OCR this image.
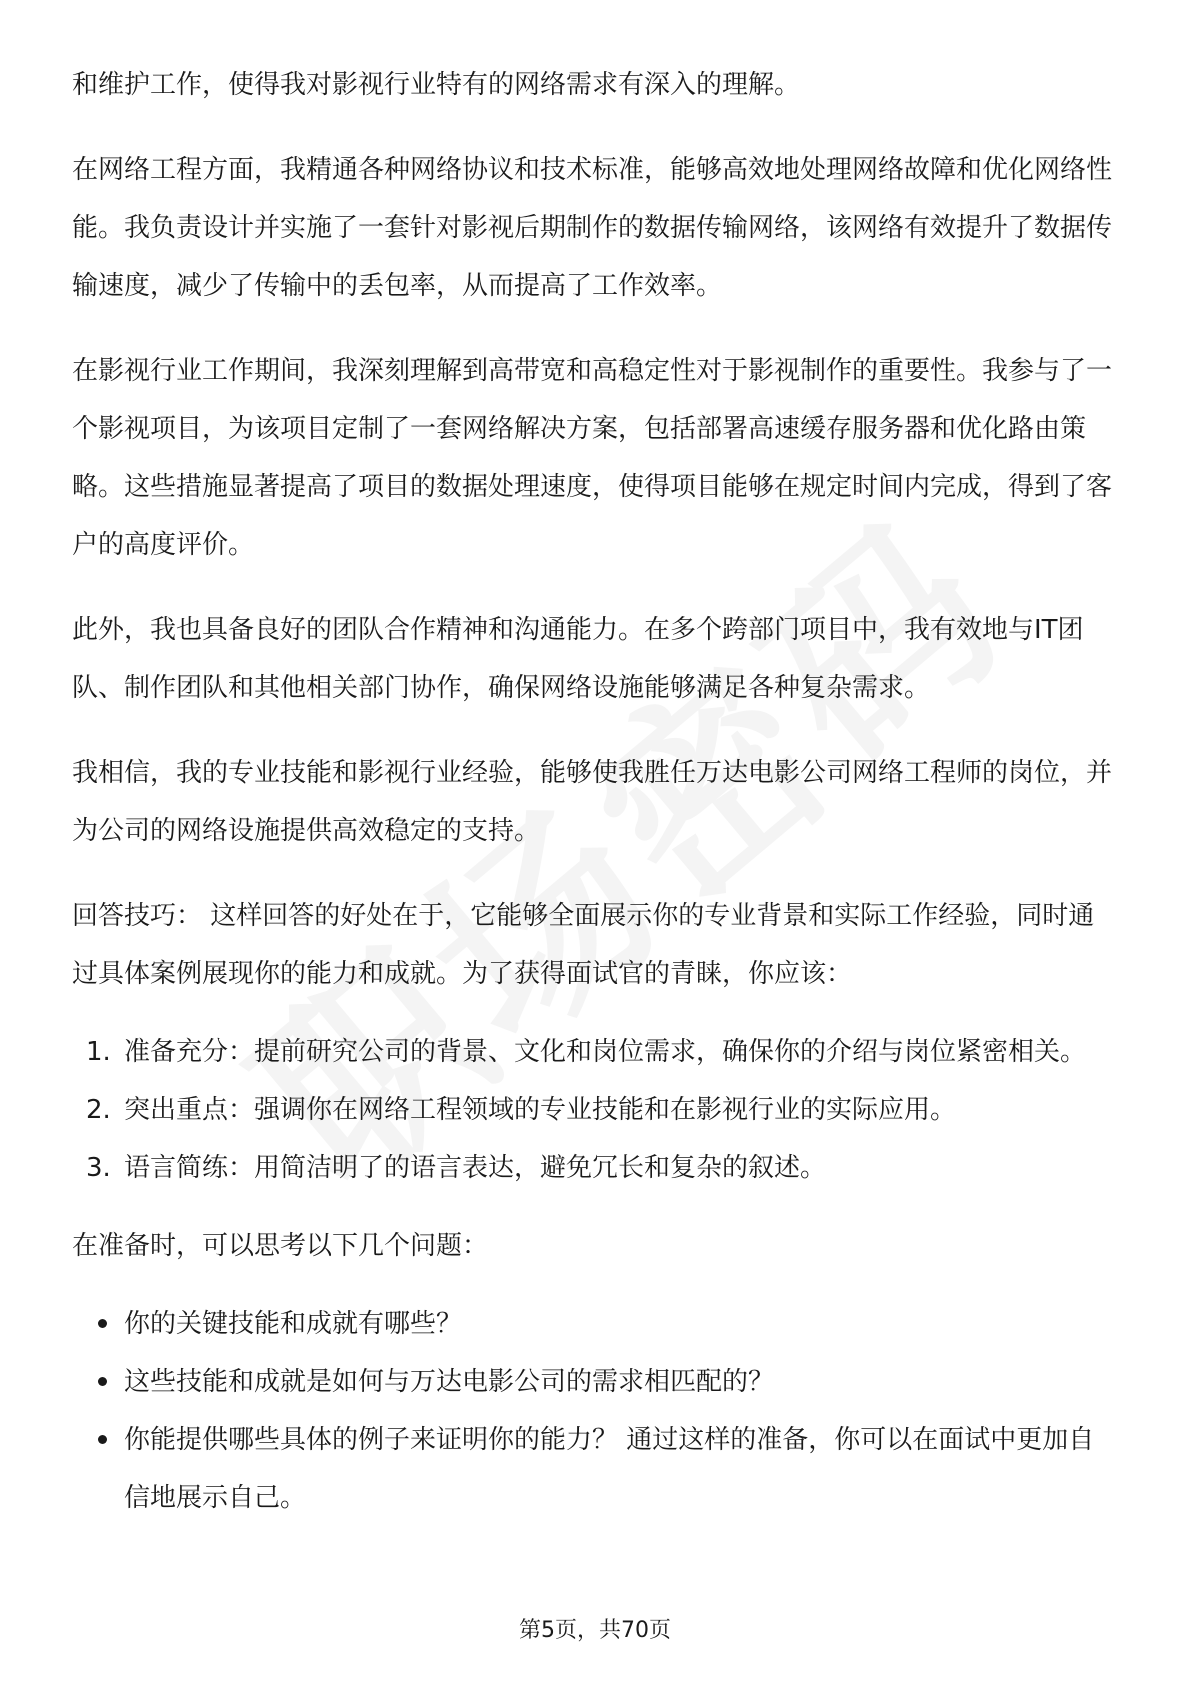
和维护工作，使得我对影视行业特有的网络需求有深入的理解。

在网络工程方面，我精通各种网络协议和技术标准，能够高效地处理网络故障和优化网络性能。我负责设计并实施了一套针对影视后期制作的数据传输网络，该网络有效提升了数据传输速度，减少了传输中的丢包率，从而提高了工作效率。

在影视行业工作期间，我深刻理解到高带宽和高稳定性对于影视制作的重要性。我参与了一个影视项目，为该项目定制了一套网络解决方案，包括部署高速缓存服务器和优化路由策略。这些措施显著提高了项目的数据处理速度，使得项目能够在规定时间内完成，得到了客户的高度评价。

此外，我也具备良好的团队合作精神和沟通能力。在多个跨部门项目中，我有效地与IT团队、制作团队和其他相关部门协作，确保网络设施能够满足各种复杂需求。

我相信，我的专业技能和影视行业经验，能够使我胜任万达电影公司网络工程师的岗位，并为公司的网络设施提供高效稳定的支持。

回答技巧： 这样回答的好处在于，它能够全面展示你的专业背景和实际工作经验，同时通过具体案例展现你的能力和成就。为了获得面试官的青睐，你应该：

1. 准备充分：提前研究公司的背景、文化和岗位需求，确保你的介绍与岗位紧密相关。
2. 突出重点：强调你在网络工程领域的专业技能和在影视行业的实际应用。
3. 语言简练：用简洁明了的语言表达，避免冗长和复杂的叙述。

在准备时，可以思考以下几个问题：

你的关键技能和成就有哪些？
这些技能和成就是如何与万达电影公司的需求相匹配的？
你能提供哪些具体的例子来证明你的能力？ 通过这样的准备，你可以在面试中更加自信地展示自己。
第5页，共70页
